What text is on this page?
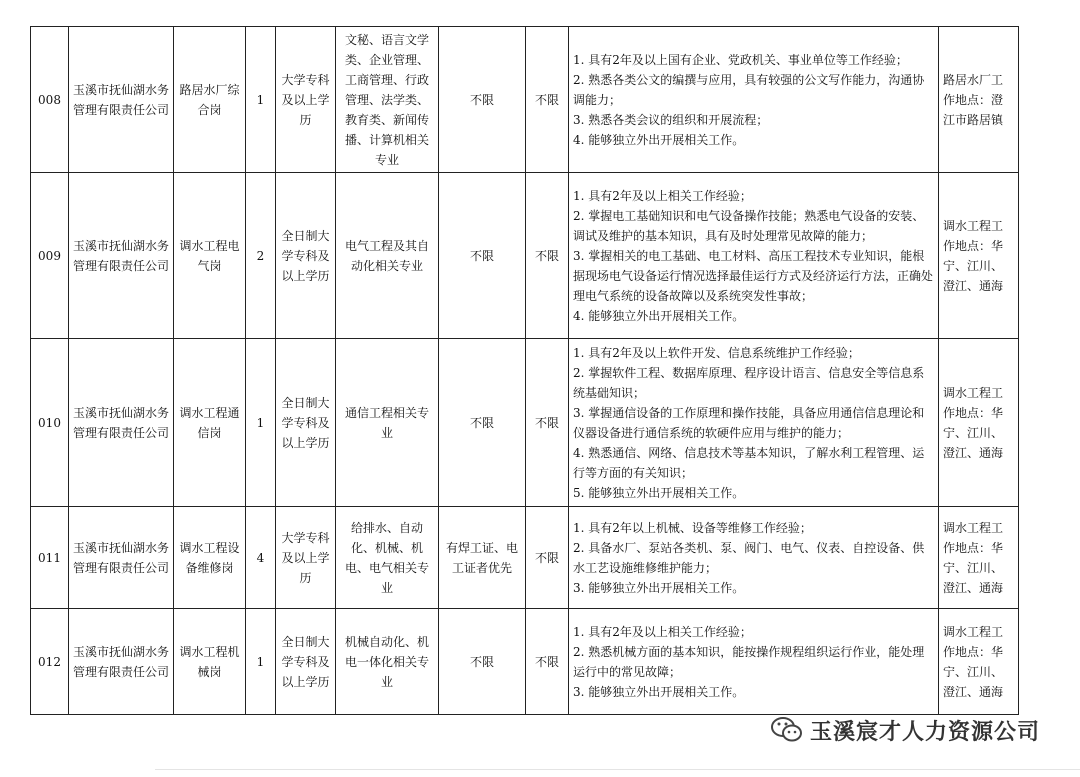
008	玉溪市抚仙湖水务管理有限责任公司	路居水厂综合岗	1	大学专科及以上学历	文秘、语言文学类、企业管理、工商管理、行政管理、法学类、教育类、新闻传播、计算机相关专业	不限	不限	1. 具有2年及以上国有企业、党政机关、事业单位等工作经验；
2. 熟悉各类公文的编撰与应用，具有较强的公文写作能力，沟通协调能力；
3. 熟悉各类会议的组织和开展流程；
4. 能够独立外出开展相关工作。	路居水厂工作地点：澄江市路居镇
009	玉溪市抚仙湖水务管理有限责任公司	调水工程电气岗	2	全日制大学专科及以上学历	电气工程及其自动化相关专业	不限	不限	1. 具有2年及以上相关工作经验；
2. 掌握电工基础知识和电气设备操作技能；熟悉电气设备的安装、调试及维护的基本知识，具有及时处理常见故障的能力；
3. 掌握相关的电工基础、电工材料、高压工程技术专业知识，能根据现场电气设备运行情况选择最佳运行方式及经济运行方法，正确处理电气系统的设备故障以及系统突发性事故；
4. 能够独立外出开展相关工作。	调水工程工作地点：华宁、江川、澄江、通海
010	玉溪市抚仙湖水务管理有限责任公司	调水工程通信岗	1	全日制大学专科及以上学历	通信工程相关专业	不限	不限	1. 具有2年及以上软件开发、信息系统维护工作经验；
2. 掌握软件工程、数据库原理、程序设计语言、信息安全等信息系统基础知识；
3. 掌握通信设备的工作原理和操作技能，具备应用通信信息理论和仪器设备进行通信系统的软硬件应用与维护的能力；
4. 熟悉通信、网络、信息技术等基本知识，了解水利工程管理、运行等方面的有关知识；
5. 能够独立外出开展相关工作。	调水工程工作地点：华宁、江川、澄江、通海
011	玉溪市抚仙湖水务管理有限责任公司	调水工程设备维修岗	4	大学专科及以上学历	给排水、自动化、机械、机电、电气相关专业	有焊工证、电工证者优先	不限	1. 具有2年以上机械、设备等维修工作经验；
2. 具备水厂、泵站各类机、泵、阀门、电气、仪表、自控设备、供水工艺设施维修维护能力；
3. 能够独立外出开展相关工作。	调水工程工作地点：华宁、江川、澄江、通海
012	玉溪市抚仙湖水务管理有限责任公司	调水工程机械岗	1	全日制大学专科及以上学历	机械自动化、机电一体化相关专业	不限	不限	1. 具有2年及以上相关工作经验；
2. 熟悉机械方面的基本知识，能按操作规程组织运行作业，能处理运行中的常见故障；
3. 能够独立外出开展相关工作。	调水工程工作地点：华宁、江川、澄江、通海
玉溪宸才人力资源公司
